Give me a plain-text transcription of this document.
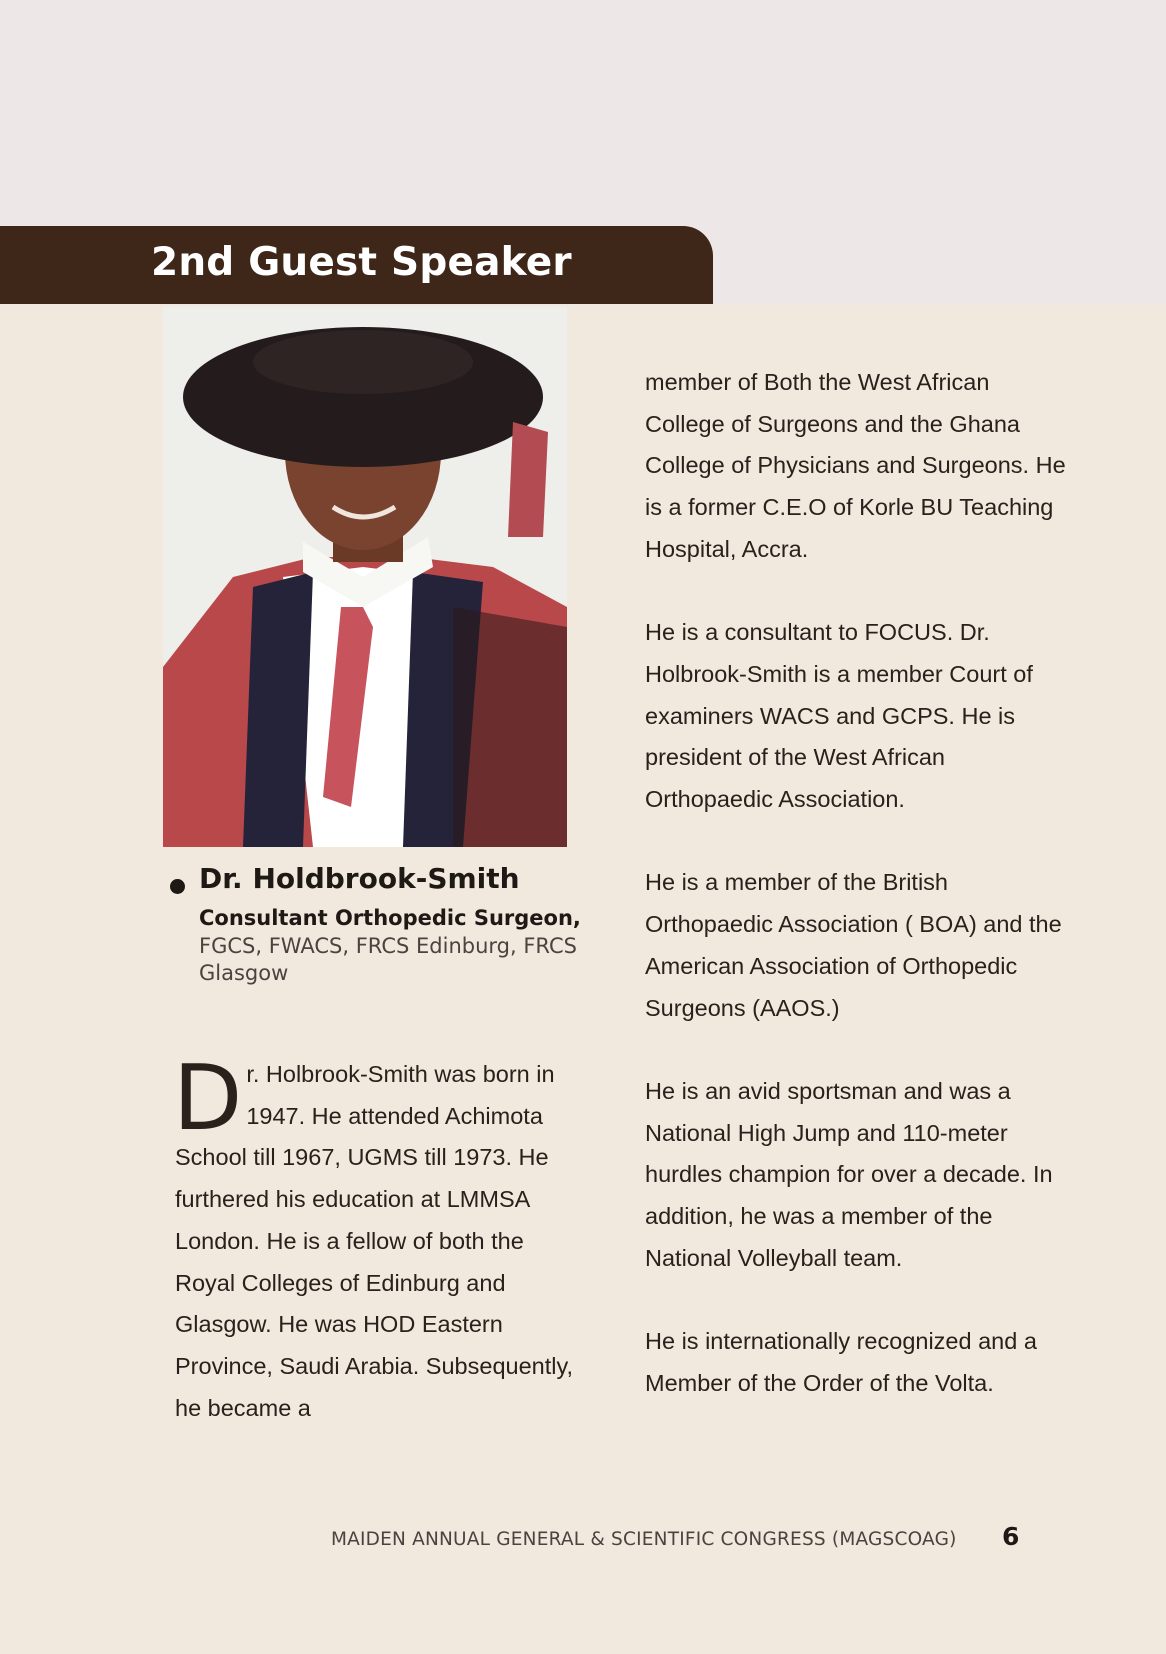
2nd Guest Speaker
Dr. Holdbrook-Smith
Consultant Orthopedic Surgeon,
FGCS, FWACS, FRCS Edinburg, FRCS Glasgow

Dr. Holbrook-Smith was born in 1947. He attended Achimota School till 1967, UGMS till 1973. He furthered his education at LMMSA London. He is a fellow of both the Royal Colleges of Edinburg and Glasgow. He was HOD Eastern Province, Saudi Arabia. Subsequently, he became a

member of Both the West African College of Surgeons and the Ghana College of Physicians and Surgeons. He is a former C.E.O of Korle BU Teaching Hospital, Accra.

He is a consultant to FOCUS. Dr. Holbrook-Smith is a member Court of examiners WACS and GCPS. He is president of the West African Orthopaedic Association.

He is a member of the British Orthopaedic Association ( BOA) and the American Association of Orthopedic Surgeons (AAOS.)

He is an avid sportsman and was a National High Jump and 110-meter hurdles champion for over a decade. In addition, he was a member of the National Volleyball team.

He is internationally recognized and a Member of the Order of the Volta.

MAIDEN ANNUAL GENERAL & SCIENTIFIC CONGRESS (MAGSCOAG) 6
